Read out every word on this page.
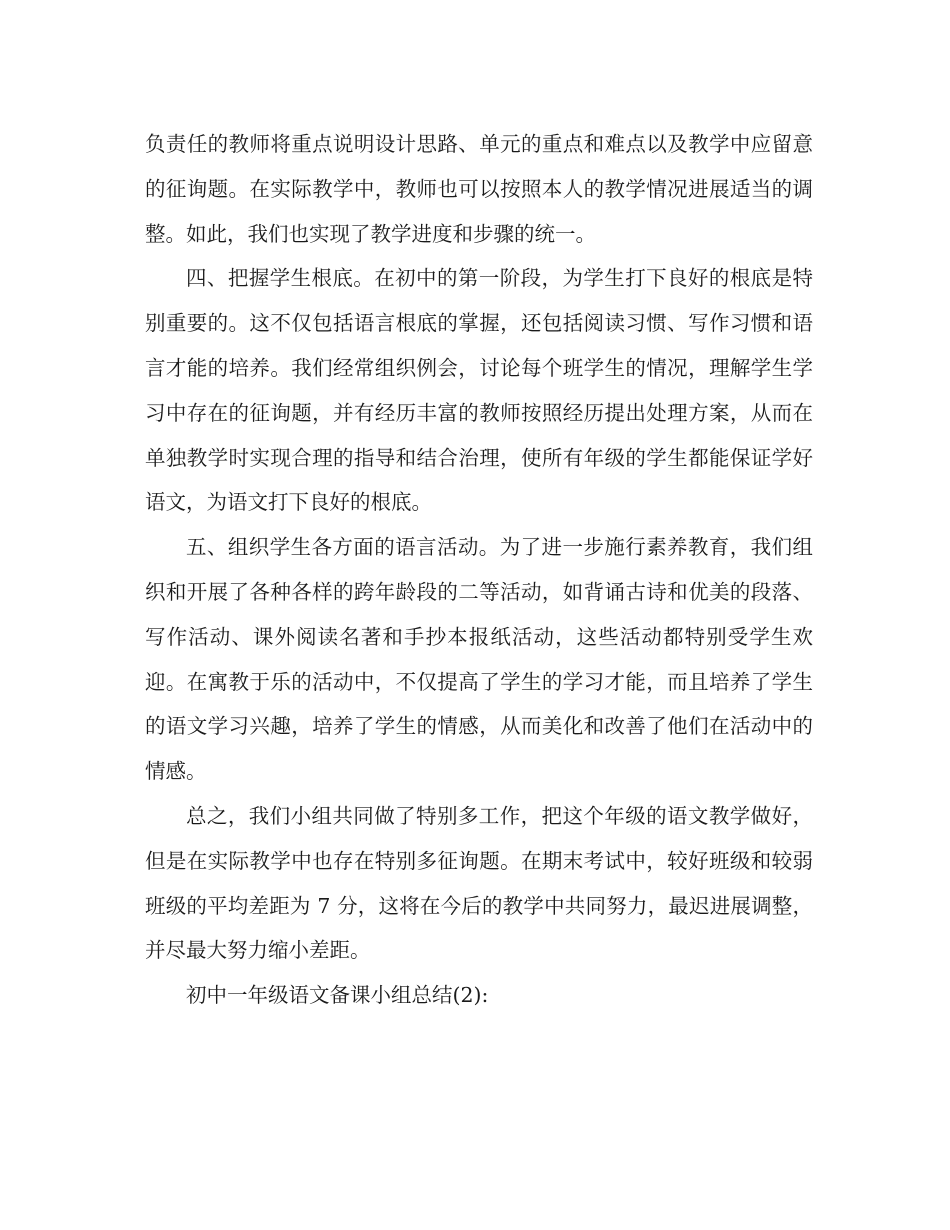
负责任的教师将重点说明设计思路、单元的重点和难点以及教学中应留意的征询题。在实际教学中，教师也可以按照本人的教学情况进展适当的调整。如此，我们也实现了教学进度和步骤的统一。

四、把握学生根底。在初中的第一阶段，为学生打下良好的根底是特别重要的。这不仅包括语言根底的掌握，还包括阅读习惯、写作习惯和语言才能的培养。我们经常组织例会，讨论每个班学生的情况，理解学生学习中存在的征询题，并有经历丰富的教师按照经历提出处理方案，从而在单独教学时实现合理的指导和结合治理，使所有年级的学生都能保证学好语文，为语文打下良好的根底。

五、组织学生各方面的语言活动。为了进一步施行素养教育，我们组织和开展了各种各样的跨年龄段的二等活动，如背诵古诗和优美的段落、写作活动、课外阅读名著和手抄本报纸活动，这些活动都特别受学生欢迎。在寓教于乐的活动中，不仅提高了学生的学习才能，而且培养了学生的语文学习兴趣，培养了学生的情感，从而美化和改善了他们在活动中的情感。

总之，我们小组共同做了特别多工作，把这个年级的语文教学做好，但是在实际教学中也存在特别多征询题。在期末考试中，较好班级和较弱班级的平均差距为 7 分，这将在今后的教学中共同努力，最迟进展调整，并尽最大努力缩小差距。

初中一年级语文备课小组总结(2):
